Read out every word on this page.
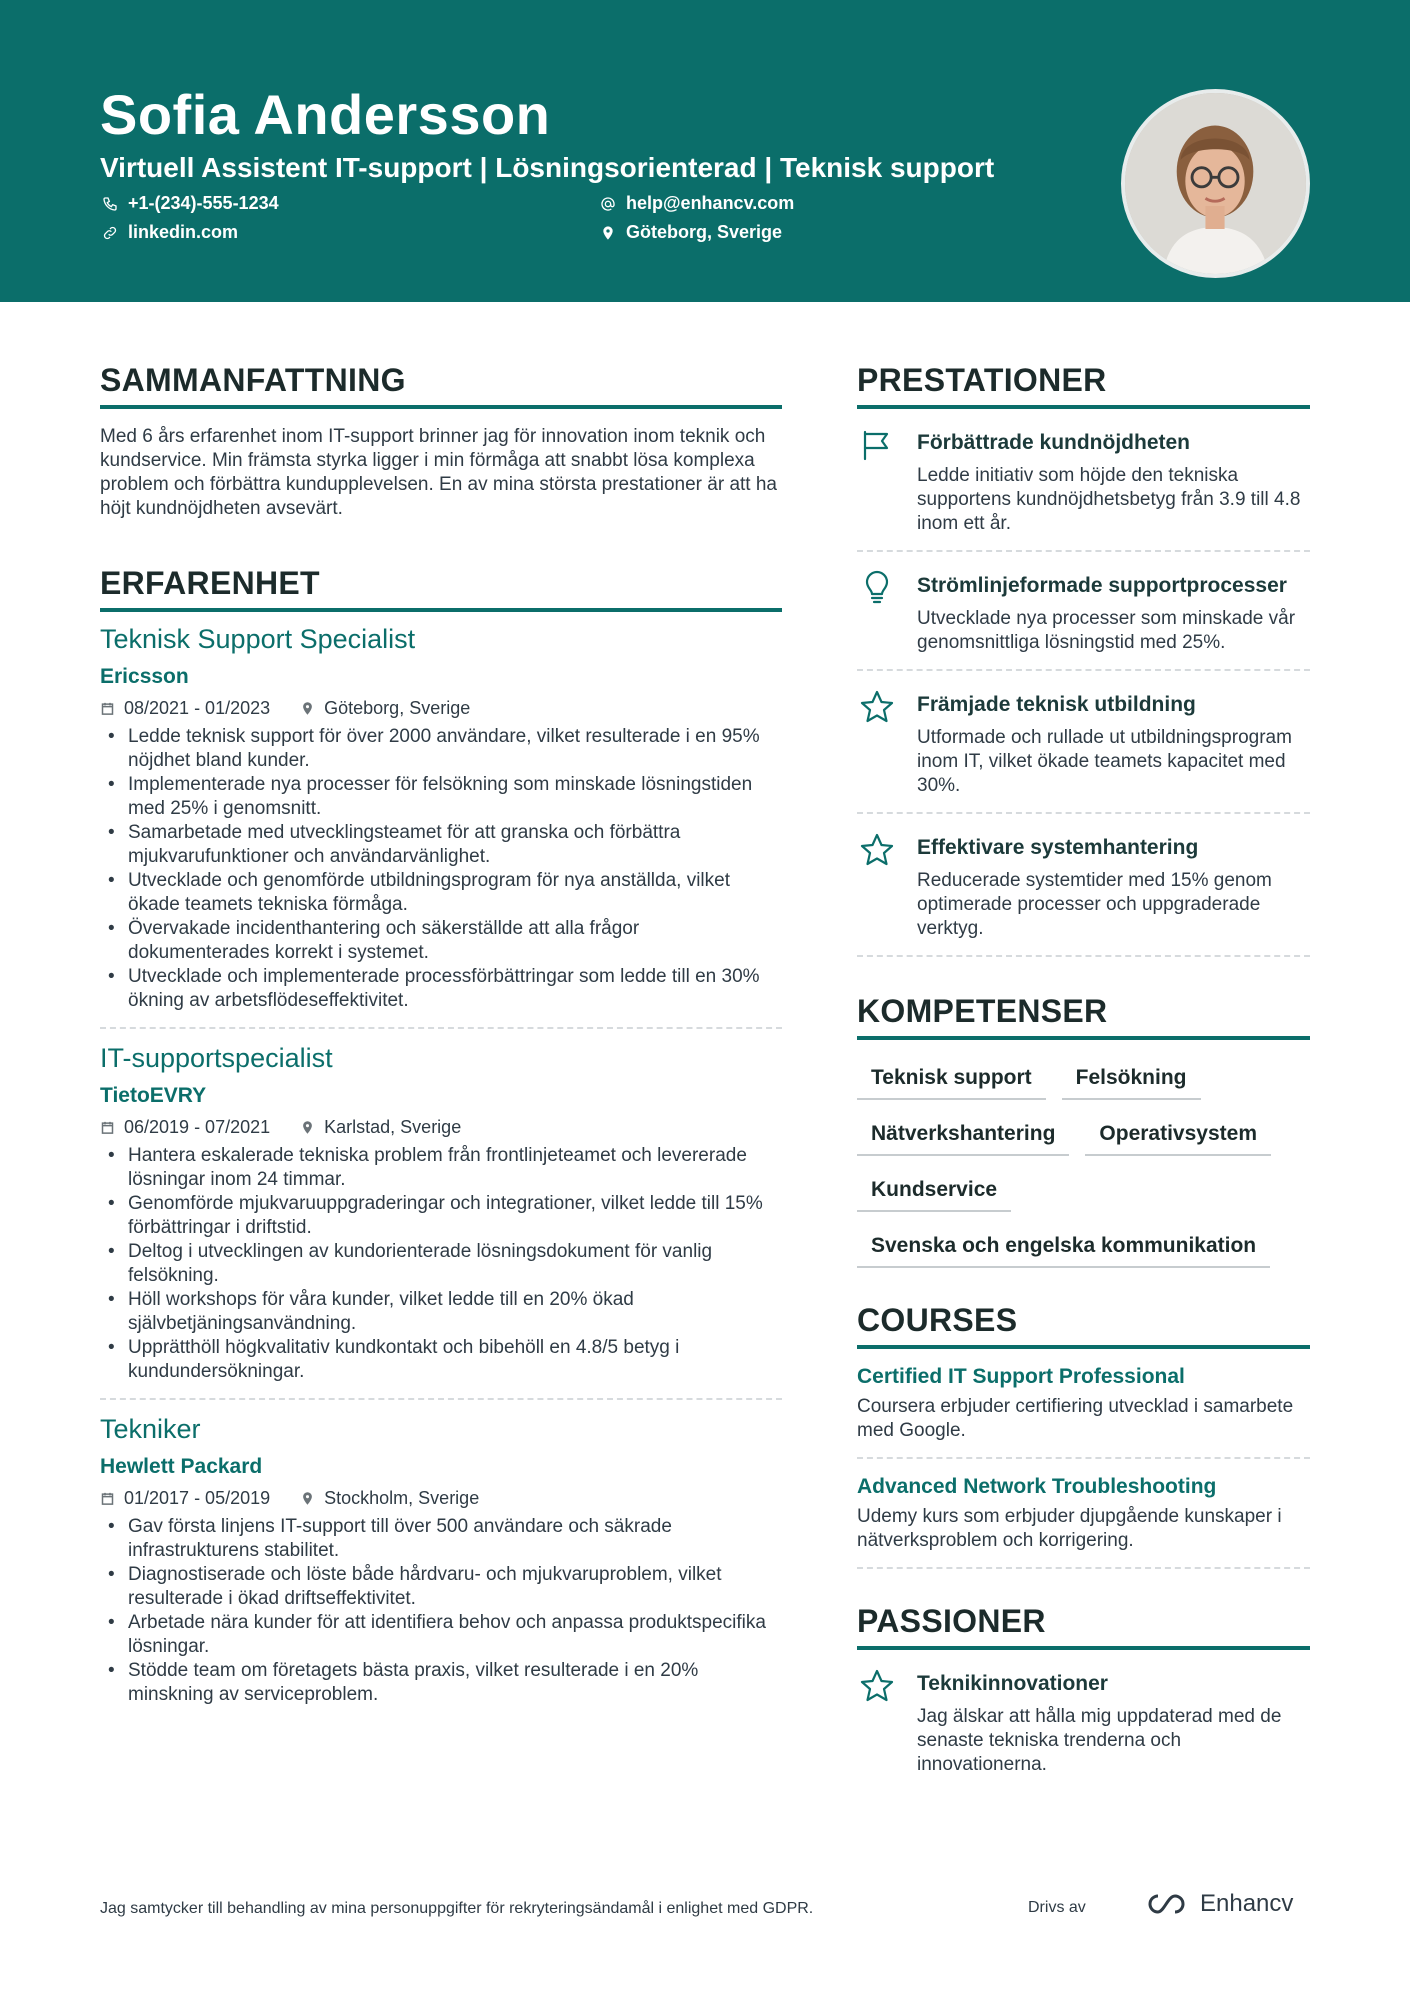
Sofia Andersson
Virtuell Assistent IT-support | Lösningsorienterad | Teknisk support
+1-(234)-555-1234	help@enhancv.com
linkedin.com	Göteborg, Sverige
SAMMANFATTNING
Med 6 års erfarenhet inom IT-support brinner jag för innovation inom teknik och kundservice. Min främsta styrka ligger i min förmåga att snabbt lösa komplexa problem och förbättra kundupplevelsen. En av mina största prestationer är att ha höjt kundnöjdheten avsevärt.
ERFARENHET
Teknisk Support Specialist
Ericsson
08/2021 - 01/2023	Göteborg, Sverige
• Ledde teknisk support för över 2000 användare, vilket resulterade i en 95% nöjdhet bland kunder.
• Implementerade nya processer för felsökning som minskade lösningstiden med 25% i genomsnitt.
• Samarbetade med utvecklingsteamet för att granska och förbättra mjukvarufunktioner och användarvänlighet.
• Utvecklade och genomförde utbildningsprogram för nya anställda, vilket ökade teamets tekniska förmåga.
• Övervakade incidenthantering och säkerställde att alla frågor dokumenterades korrekt i systemet.
• Utvecklade och implementerade processförbättringar som ledde till en 30% ökning av arbetsflödeseffektivitet.
IT-supportspecialist
TietoEVRY
06/2019 - 07/2021	Karlstad, Sverige
• Hantera eskalerade tekniska problem från frontlinjeteamet och levererade lösningar inom 24 timmar.
• Genomförde mjukvaruuppgraderingar och integrationer, vilket ledde till 15% förbättringar i driftstid.
• Deltog i utvecklingen av kundorienterade lösningsdokument för vanlig felsökning.
• Höll workshops för våra kunder, vilket ledde till en 20% ökad självbetjäningsanvändning.
• Upprätthöll högkvalitativ kundkontakt och bibehöll en 4.8/5 betyg i kundundersökningar.
Tekniker
Hewlett Packard
01/2017 - 05/2019	Stockholm, Sverige
• Gav första linjens IT-support till över 500 användare och säkrade infrastrukturens stabilitet.
• Diagnostiserade och löste både hårdvaru- och mjukvaruproblem, vilket resulterade i ökad driftseffektivitet.
• Arbetade nära kunder för att identifiera behov och anpassa produktspecifika lösningar.
• Stödde team om företagets bästa praxis, vilket resulterade i en 20% minskning av serviceproblem.
PRESTATIONER
Förbättrade kundnöjdheten
Ledde initiativ som höjde den tekniska supportens kundnöjdhetsbetyg från 3.9 till 4.8 inom ett år.
Strömlinjeformade supportprocesser
Utvecklade nya processer som minskade vår genomsnittliga lösningstid med 25%.
Främjade teknisk utbildning
Utformade och rullade ut utbildningsprogram inom IT, vilket ökade teamets kapacitet med 30%.
Effektivare systemhantering
Reducerade systemtider med 15% genom optimerade processer och uppgraderade verktyg.
KOMPETENSER
Teknisk support	Felsökning
Nätverkshantering	Operativsystem
Kundservice
Svenska och engelska kommunikation
COURSES
Certified IT Support Professional
Coursera erbjuder certifiering utvecklad i samarbete med Google.
Advanced Network Troubleshooting
Udemy kurs som erbjuder djupgående kunskaper i nätverksproblem och korrigering.
PASSIONER
Teknikinnovationer
Jag älskar att hålla mig uppdaterad med de senaste tekniska trenderna och innovationerna.
Jag samtycker till behandling av mina personuppgifter för rekryteringsändamål i enlighet med GDPR.	Drivs av	Enhancv
